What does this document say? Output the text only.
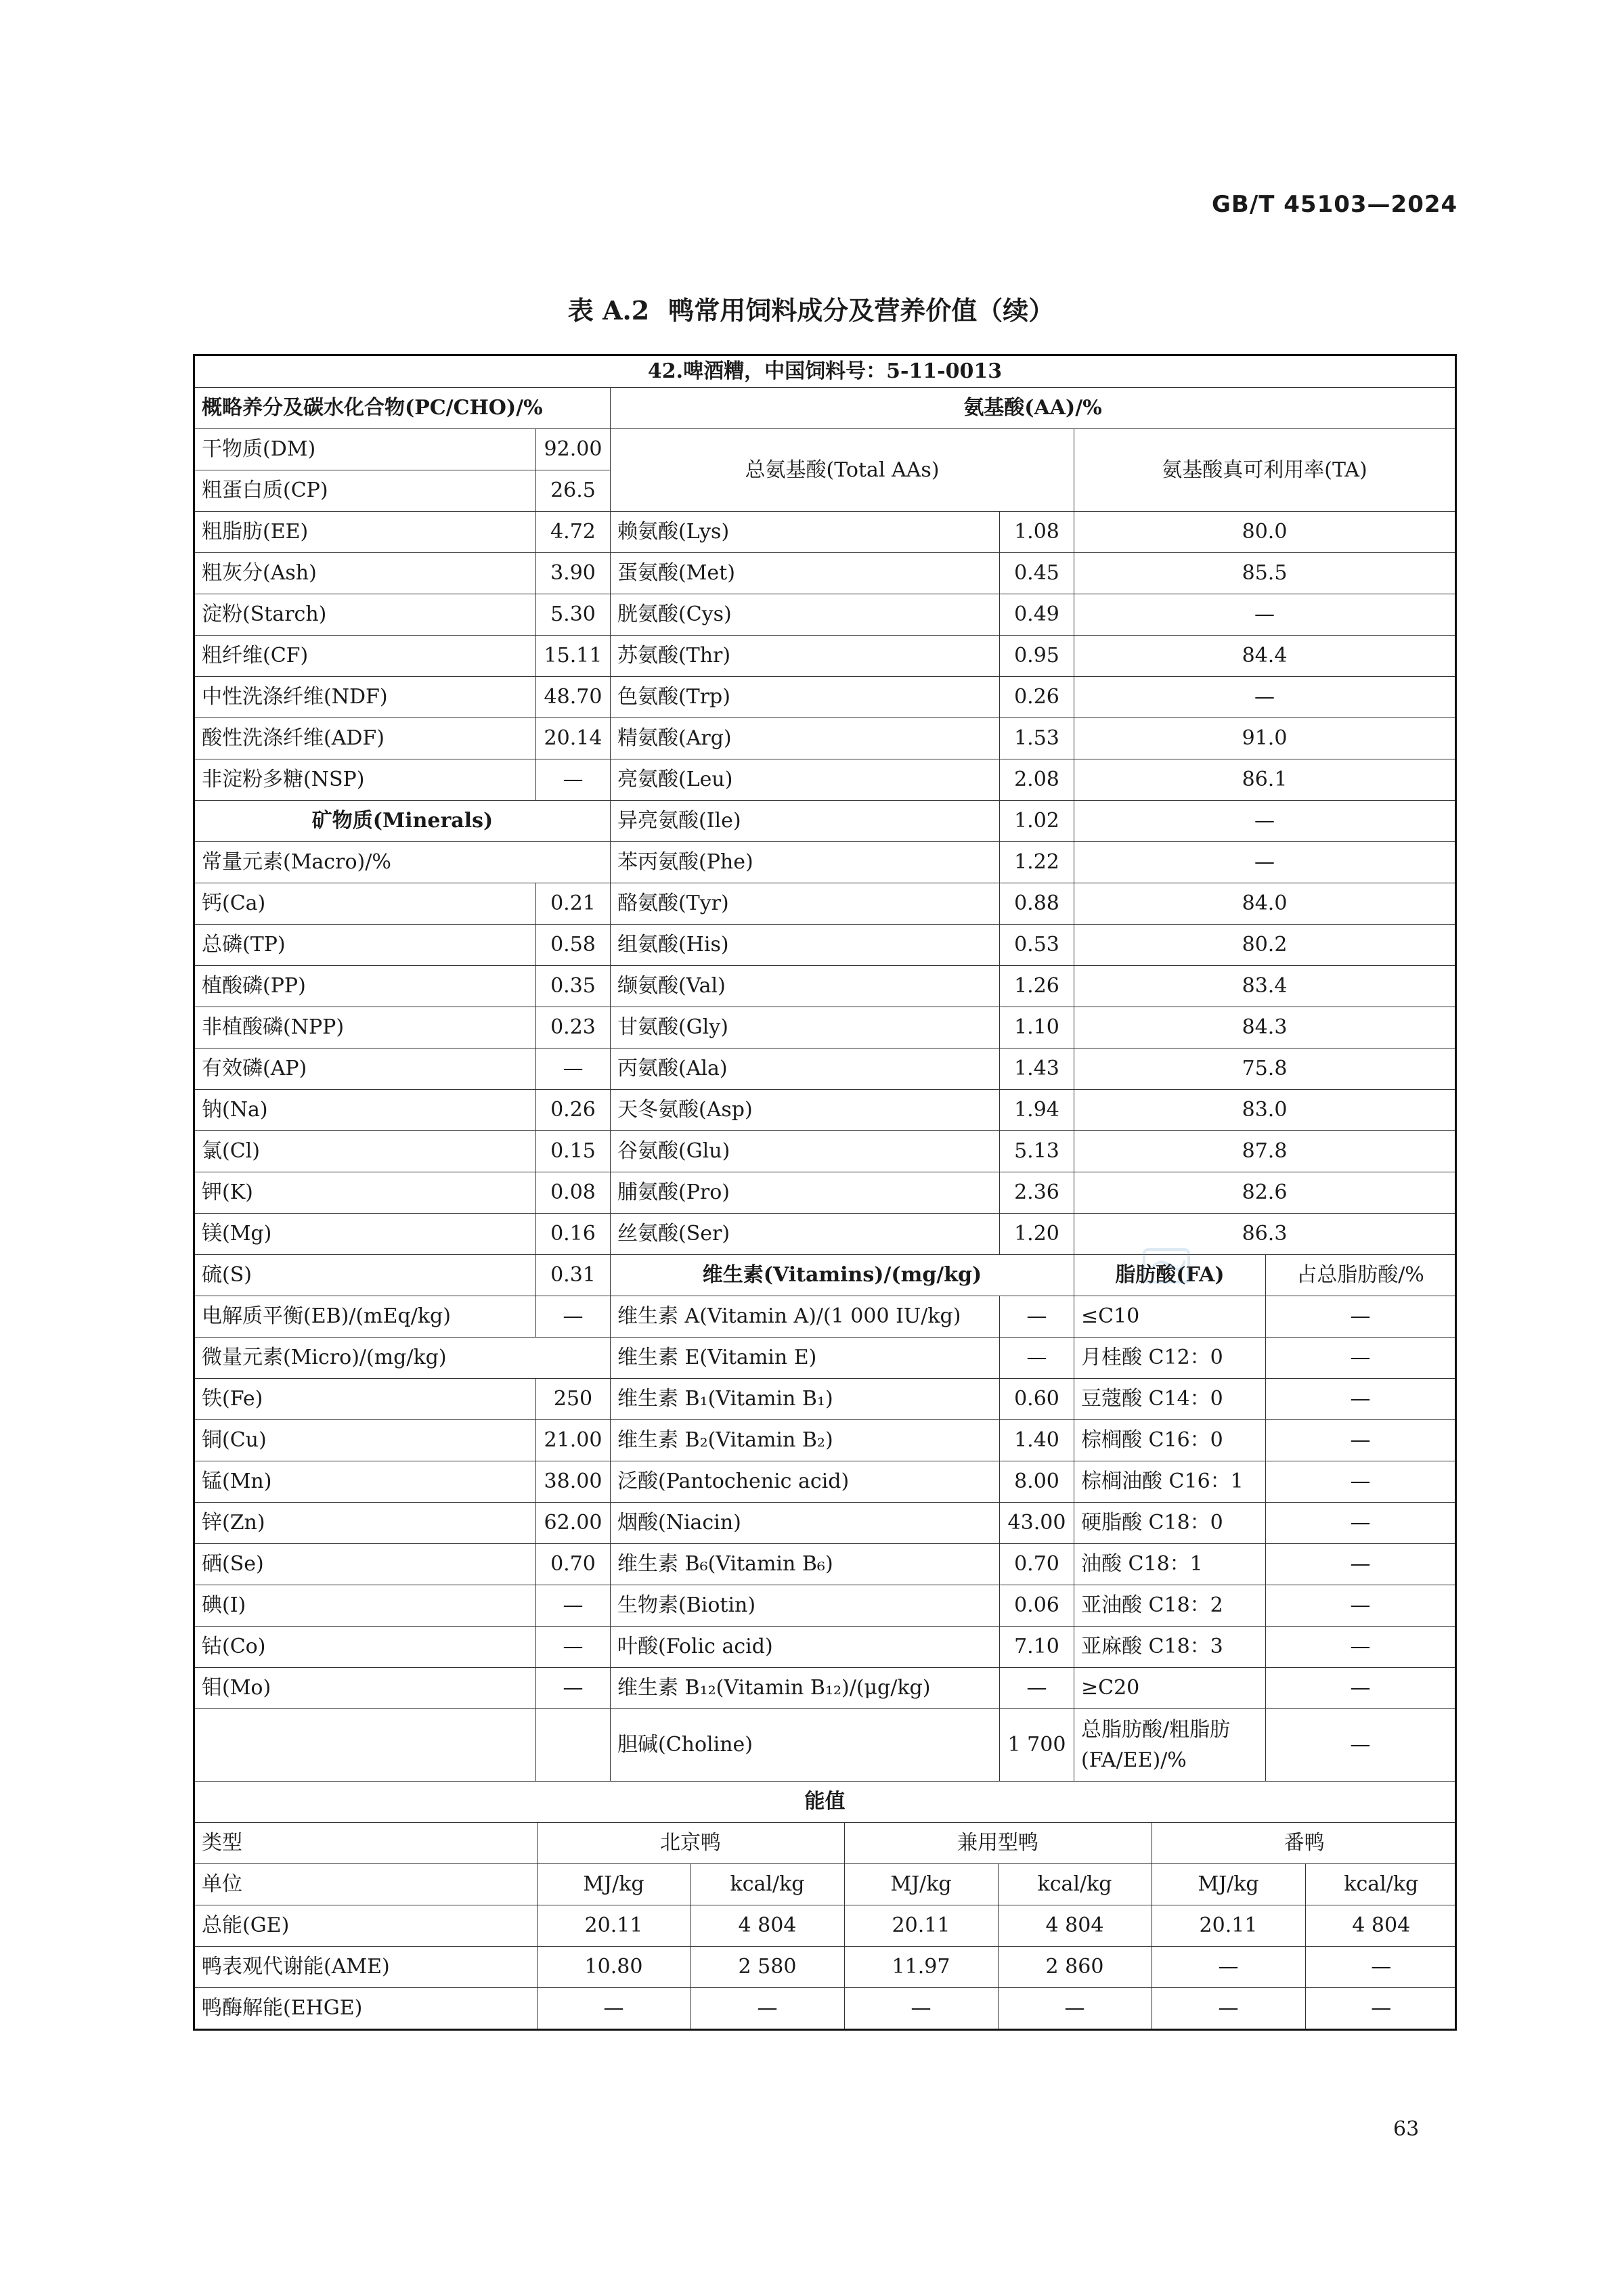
GB/T 45103—2024
表 A.2 鸭常用饲料成分及营养价值（续）
42.啤酒糟，中国饲料号：5-11-0013
概略养分及碳水化合物(PC/CHO)/%	氨基酸(AA)/%
干物质(DM)	92.00	总氨基酸(Total AAs)	氨基酸真可利用率(TA)
粗蛋白质(CP)	26.5
粗脂肪(EE)	4.72	赖氨酸(Lys)	1.08	80.0
粗灰分(Ash)	3.90	蛋氨酸(Met)	0.45	85.5
淀粉(Starch)	5.30	胱氨酸(Cys)	0.49	—
粗纤维(CF)	15.11	苏氨酸(Thr)	0.95	84.4
中性洗涤纤维(NDF)	48.70	色氨酸(Trp)	0.26	—
酸性洗涤纤维(ADF)	20.14	精氨酸(Arg)	1.53	91.0
非淀粉多糖(NSP)	—	亮氨酸(Leu)	2.08	86.1
矿物质(Minerals)	异亮氨酸(Ile)	1.02	—
常量元素(Macro)/%	苯丙氨酸(Phe)	1.22	—
钙(Ca)	0.21	酪氨酸(Tyr)	0.88	84.0
总磷(TP)	0.58	组氨酸(His)	0.53	80.2
植酸磷(PP)	0.35	缬氨酸(Val)	1.26	83.4
非植酸磷(NPP)	0.23	甘氨酸(Gly)	1.10	84.3
有效磷(AP)	—	丙氨酸(Ala)	1.43	75.8
钠(Na)	0.26	天冬氨酸(Asp)	1.94	83.0
氯(Cl)	0.15	谷氨酸(Glu)	5.13	87.8
钾(K)	0.08	脯氨酸(Pro)	2.36	82.6
镁(Mg)	0.16	丝氨酸(Ser)	1.20	86.3
硫(S)	0.31	维生素(Vitamins)/(mg/kg)	脂肪酸(FA)	占总脂肪酸/%
电解质平衡(EB)/(mEq/kg)	—	维生素 A(Vitamin A)/(1 000 IU/kg)	—	≤C10	—
微量元素(Micro)/(mg/kg)	维生素 E(Vitamin E)	—	月桂酸 C12：0	—
铁(Fe)	250	维生素 B₁(Vitamin B₁)	0.60	豆蔻酸 C14：0	—
铜(Cu)	21.00	维生素 B₂(Vitamin B₂)	1.40	棕榈酸 C16：0	—
锰(Mn)	38.00	泛酸(Pantochenic acid)	8.00	棕榈油酸 C16：1	—
锌(Zn)	62.00	烟酸(Niacin)	43.00	硬脂酸 C18：0	—
硒(Se)	0.70	维生素 B₆(Vitamin B₆)	0.70	油酸 C18：1	—
碘(I)	—	生物素(Biotin)	0.06	亚油酸 C18：2	—
钴(Co)	—	叶酸(Folic acid)	7.10	亚麻酸 C18：3	—
钼(Mo)	—	维生素 B₁₂(Vitamin B₁₂)/(μg/kg)	—	≥C20	—
		胆碱(Choline)	1 700	总脂肪酸/粗脂肪(FA/EE)/%	—
能值

类型	北京鸭	兼用型鸭	番鸭
单位	MJ/kg	kcal/kg	MJ/kg	kcal/kg	MJ/kg	kcal/kg
总能(GE)	20.11	4 804	20.11	4 804	20.11	4 804
鸭表观代谢能(AME)	10.80	2 580	11.97	2 860	—	—
鸭酶解能(EHGE)	—	—	—	—	—	—
63
